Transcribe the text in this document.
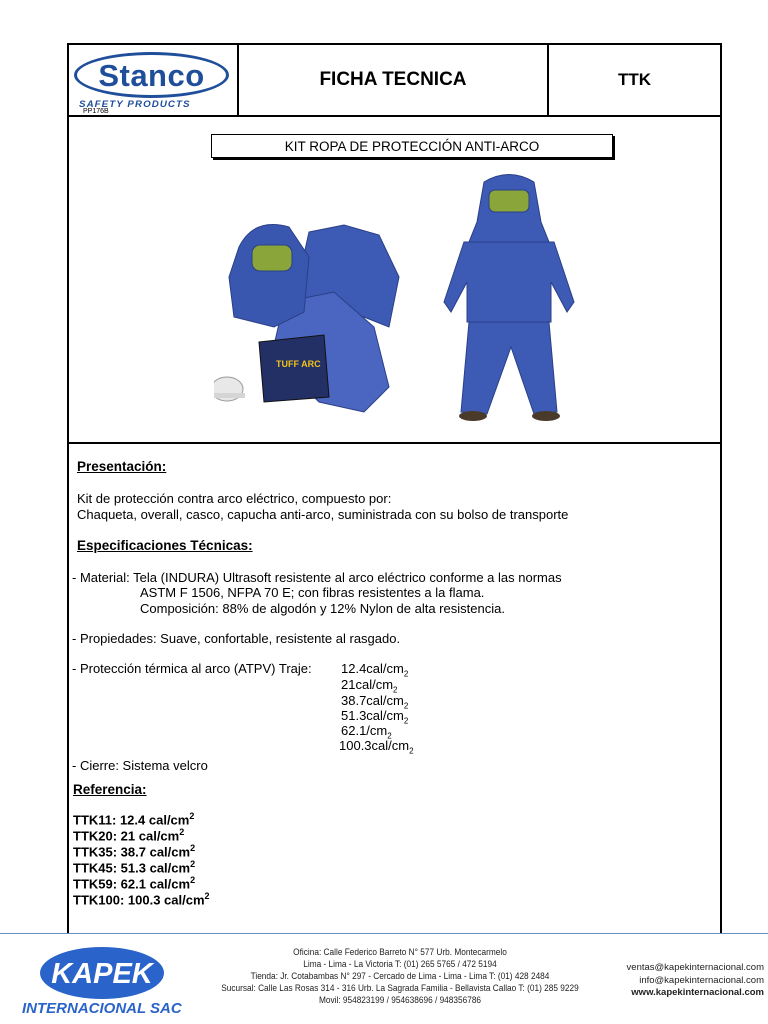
Stanco
SAFETY PRODUCTS
PP176B
FICHA TECNICA	TTK
KIT ROPA DE PROTECCIÓN ANTI-ARCO
TUFF ARC
Presentación:
Kit de protección contra arco eléctrico, compuesto por:
Chaqueta, overall, casco, capucha anti-arco, suministrada con su bolso de transporte
Especificaciones Técnicas:
- Material: Tela (INDURA) Ultrasoft resistente al arco eléctrico conforme a las normas
ASTM F 1506, NFPA 70 E; con fibras resistentes a la flama.
Composición: 88% de algodón y 12% Nylon de alta resistencia.
- Propiedades: Suave, confortable, resistente al rasgado.
- Protección térmica al arco (ATPV) Traje: $12.4cal/cm_2$
$21cal/cm_2$
$38.7cal/cm_2$
$51.3cal/cm_2$
$62.1/cm_2$
$100.3cal/cm_2$
- Cierre: Sistema velcro
Referencia:
TTK11: 12.4 cal/$cm^2$
TTK20: 21 cal/$cm^2$
TTK35: 38.7 cal/$cm^2$
TTK45: 51.3 cal/$cm^2$
TTK59: 62.1 cal/$cm^2$
TTK100: 100.3 cal/$cm^2$
KAPEK
INTERNACIONAL SAC
Oficina: Calle Federico Barreto N° 577 Urb. Montecarmelo
Lima - Lima - La Victoria T: (01) 265 5765 / 472 5194
Tienda: Jr. Cotabambas N° 297 - Cercado de Lima - Lima - Lima T: (01) 428 2484
Sucursal: Calle Las Rosas 314 - 316 Urb. La Sagrada Familia - Bellavista Callao T: (01) 285 9229
Movil: 954823199 / 954638696 / 948356786
ventas@kapekinternacional.com
info@kapekinternacional.com
www.kapekinternacional.com
